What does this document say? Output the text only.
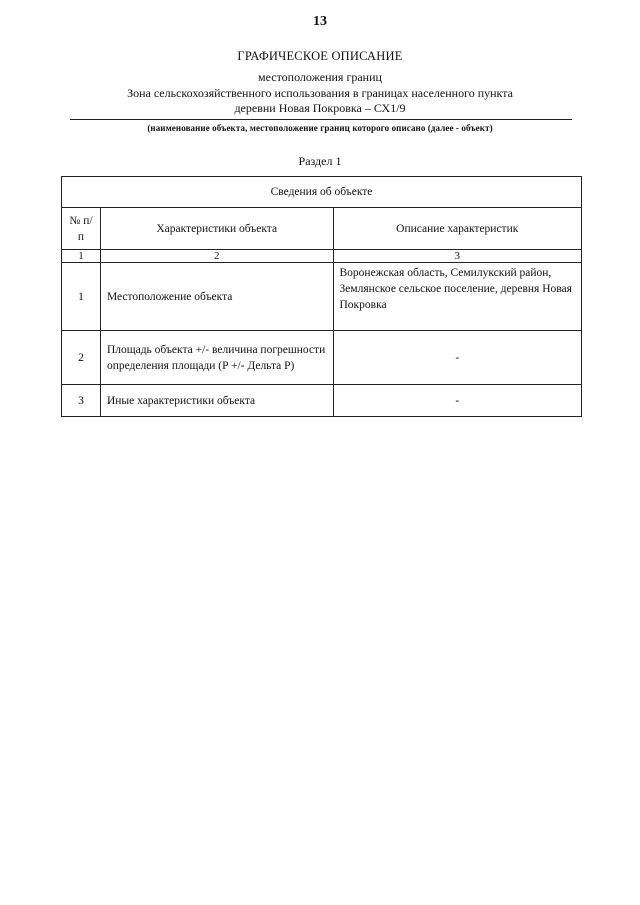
13
ГРАФИЧЕСКОЕ ОПИСАНИЕ
местоположения границ
Зона сельскохозяйственного использования в границах населенного пункта
деревни Новая Покровка – СХ1/9
(наименование объекта, местоположение границ которого описано (далее - объект)
Раздел 1
Сведения об объекте		
№ п/п	Характеристики объекта	Описание характеристик
1	2	3
1	Местоположение объекта	Воронежская область, Семилукский район, Землянское сельское поселение, деревня Новая Покровка
2	Площадь объекта +/- величина погрешности определения площади (P +/- Дельта P)	-
3	Иные характеристики объекта	-
